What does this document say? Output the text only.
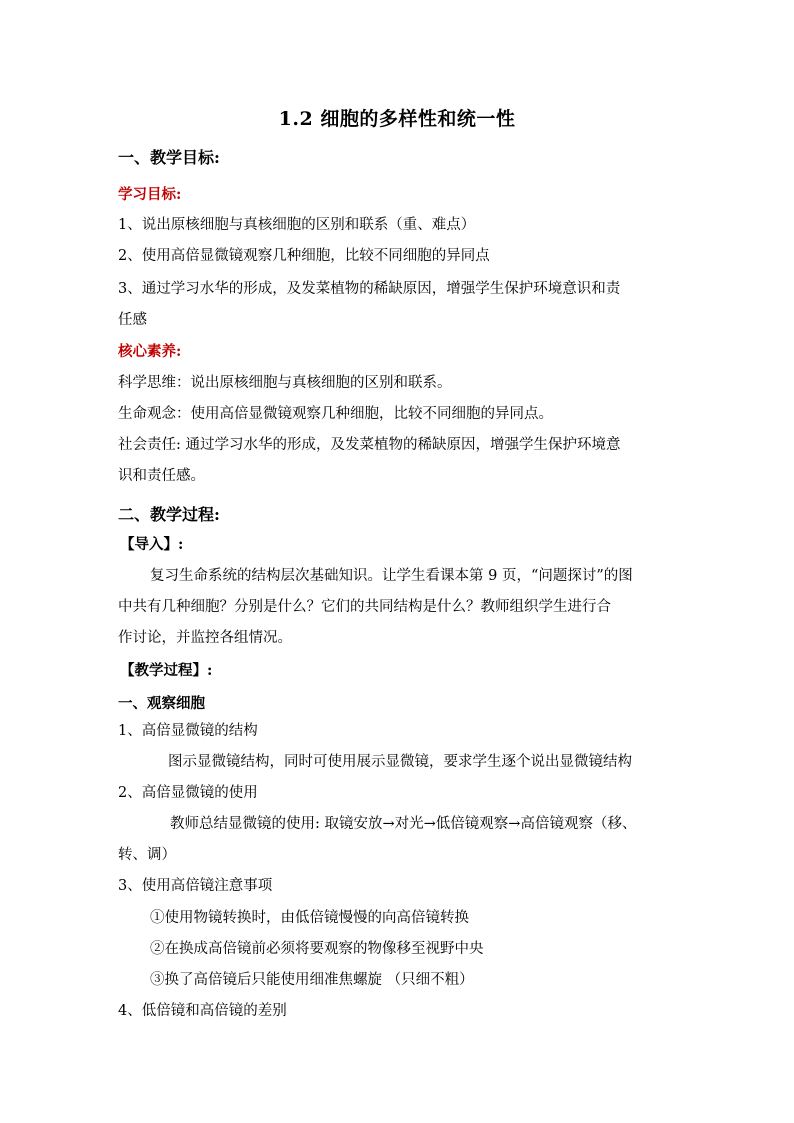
1.2 细胞的多样性和统一性
一、教学目标:
学习目标:
1、说出原核细胞与真核细胞的区别和联系（重、难点）
2、使用高倍显微镜观察几种细胞，比较不同细胞的异同点
3、通过学习水华的形成，及发菜植物的稀缺原因，增强学生保护环境意识和责
任感
核心素养:
科学思维：说出原核细胞与真核细胞的区别和联系。
生命观念：使用高倍显微镜观察几种细胞，比较不同细胞的异同点。
社会责任: 通过学习水华的形成，及发菜植物的稀缺原因，增强学生保护环境意
识和责任感。
二、教学过程:
【导入】:
复习生命系统的结构层次基础知识。让学生看课本第 9 页，“问题探讨”的图
中共有几种细胞？分别是什么？它们的共同结构是什么？教师组织学生进行合
作讨论，并监控各组情况。
【教学过程】:
一、观察细胞
1、高倍显微镜的结构
图示显微镜结构，同时可使用展示显微镜，要求学生逐个说出显微镜结构
2、高倍显微镜的使用
教师总结显微镜的使用: 取镜安放→对光→低倍镜观察→高倍镜观察（移、
转、调）
3、使用高倍镜注意事项
①使用物镜转换时，由低倍镜慢慢的向高倍镜转换
②在换成高倍镜前必须将要观察的物像移至视野中央
③换了高倍镜后只能使用细准焦螺旋 （只细不粗）
4、低倍镜和高倍镜的差别
